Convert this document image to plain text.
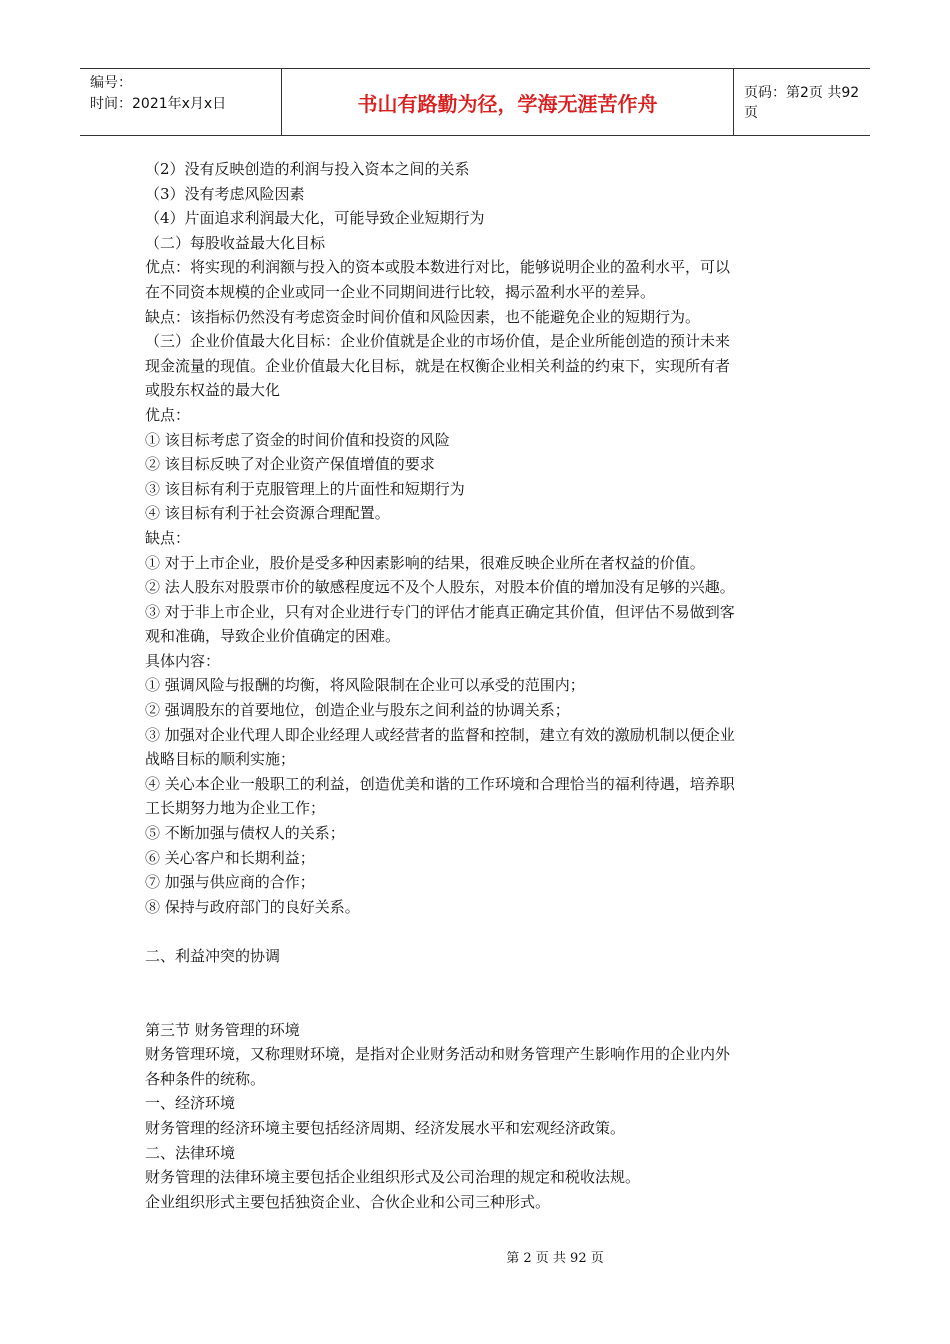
编号：
时间：2021年x月x日	书山有路勤为径，学海无涯苦作舟	页码：第2页 共92页

（2）没有反映创造的利润与投入资本之间的关系

（3）没有考虑风险因素

（4）片面追求利润最大化，可能导致企业短期行为

（二）每股收益最大化目标

优点：将实现的利润额与投入的资本或股本数进行对比，能够说明企业的盈利水平，可以

在不同资本规模的企业或同一企业不同期间进行比较，揭示盈利水平的差异。

缺点：该指标仍然没有考虑资金时间价值和风险因素，也不能避免企业的短期行为。

（三）企业价值最大化目标：企业价值就是企业的市场价值，是企业所能创造的预计未来

现金流量的现值。企业价值最大化目标，就是在权衡企业相关利益的约束下，实现所有者

或股东权益的最大化

优点：

① 该目标考虑了资金的时间价值和投资的风险

② 该目标反映了对企业资产保值增值的要求

③ 该目标有利于克服管理上的片面性和短期行为

④ 该目标有利于社会资源合理配置。

缺点：

① 对于上市企业，股价是受多种因素影响的结果，很难反映企业所在者权益的价值。

② 法人股东对股票市价的敏感程度远不及个人股东，对股本价值的增加没有足够的兴趣。

③ 对于非上市企业，只有对企业进行专门的评估才能真正确定其价值，但评估不易做到客

观和准确，导致企业价值确定的困难。

具体内容：

① 强调风险与报酬的均衡，将风险限制在企业可以承受的范围内；

② 强调股东的首要地位，创造企业与股东之间利益的协调关系；

③ 加强对企业代理人即企业经理人或经营者的监督和控制，建立有效的激励机制以便企业

战略目标的顺利实施；

④ 关心本企业一般职工的利益，创造优美和谐的工作环境和合理恰当的福利待遇，培养职

工长期努力地为企业工作；

⑤ 不断加强与债权人的关系；

⑥ 关心客户和长期利益；

⑦ 加强与供应商的合作；

⑧ 保持与政府部门的良好关系。

二、利益冲突的协调

第三节 财务管理的环境

财务管理环境，又称理财环境，是指对企业财务活动和财务管理产生影响作用的企业内外

各种条件的统称。

一、经济环境

财务管理的经济环境主要包括经济周期、经济发展水平和宏观经济政策。

二、法律环境

财务管理的法律环境主要包括企业组织形式及公司治理的规定和税收法规。

企业组织形式主要包括独资企业、合伙企业和公司三种形式。

第 2 页 共 92 页
